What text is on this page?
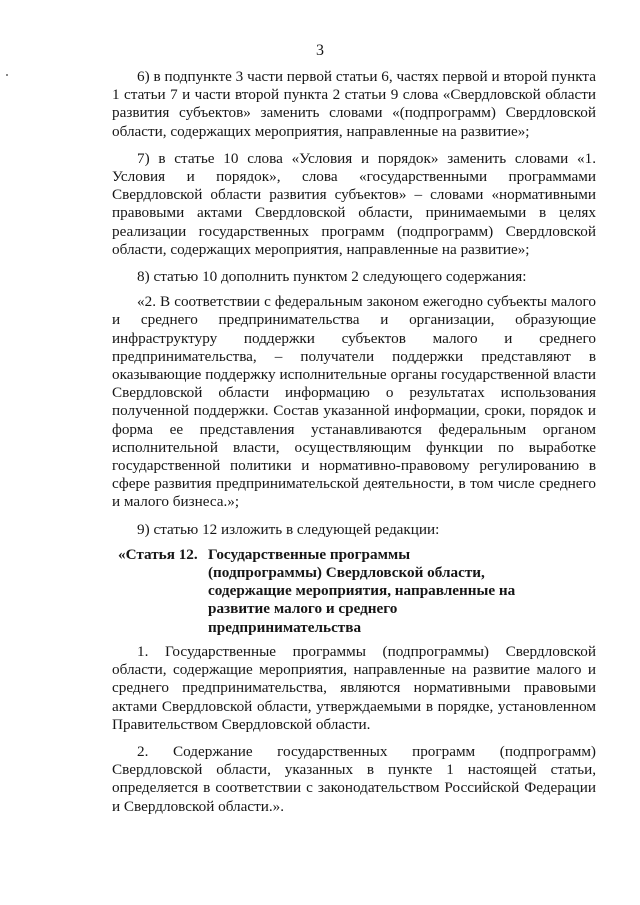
3

6) в подпункте 3 части первой статьи 6, частях первой и второй пункта 1 статьи 7 и части второй пункта 2 статьи 9 слова «Свердловской области развития субъектов» заменить словами «(подпрограмм) Свердловской области, содержащих мероприятия, направленные на развитие»;

7) в статье 10 слова «Условия и порядок» заменить словами «1. Условия и порядок», слова «государственными программами Свердловской области развития субъектов» – словами «нормативными правовыми актами Свердловской области, принимаемыми в целях реализации государственных программ (подпрограмм) Свердловской области, содержащих мероприятия, направленные на развитие»;

8) статью 10 дополнить пунктом 2 следующего содержания:

«2. В соответствии с федеральным законом ежегодно субъекты малого и среднего предпринимательства и организации, образующие инфраструктуру поддержки субъектов малого и среднего предпринимательства, – получатели поддержки представляют в оказывающие поддержку исполнительные органы государственной власти Свердловской области информацию о результатах использования полученной поддержки. Состав указанной информации, сроки, порядок и форма ее представления устанавливаются федеральным органом исполнительной власти, осуществляющим функции по выработке государственной политики и нормативно-правовому регулированию в сфере развития предпринимательской деятельности, в том числе среднего и малого бизнеса.»;

9) статью 12 изложить в следующей редакции:

«Статья 12. Государственные программы (подпрограммы) Свердловской области, содержащие мероприятия, направленные на развитие малого и среднего предпринимательства

1. Государственные программы (подпрограммы) Свердловской области, содержащие мероприятия, направленные на развитие малого и среднего предпринимательства, являются нормативными правовыми актами Свердловской области, утверждаемыми в порядке, установленном Правительством Свердловской области.

2. Содержание государственных программ (подпрограмм) Свердловской области, указанных в пункте 1 настоящей статьи, определяется в соответствии с законодательством Российской Федерации и Свердловской области.».
